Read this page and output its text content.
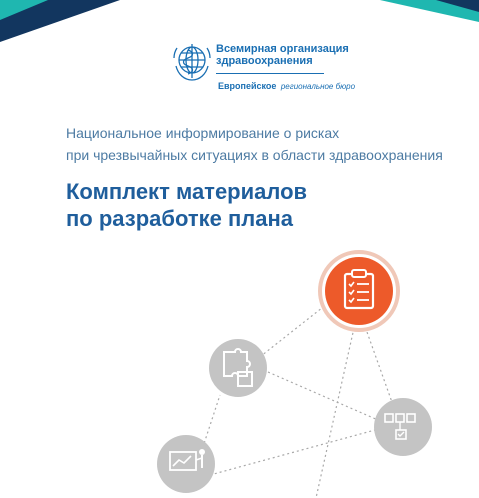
Всемирная организация
здравоохранения
Европейское региональное бюро
Национальное информирование о рисках
при чрезвычайных ситуациях в области здравоохранения
Комплект материалов
по разработке плана
